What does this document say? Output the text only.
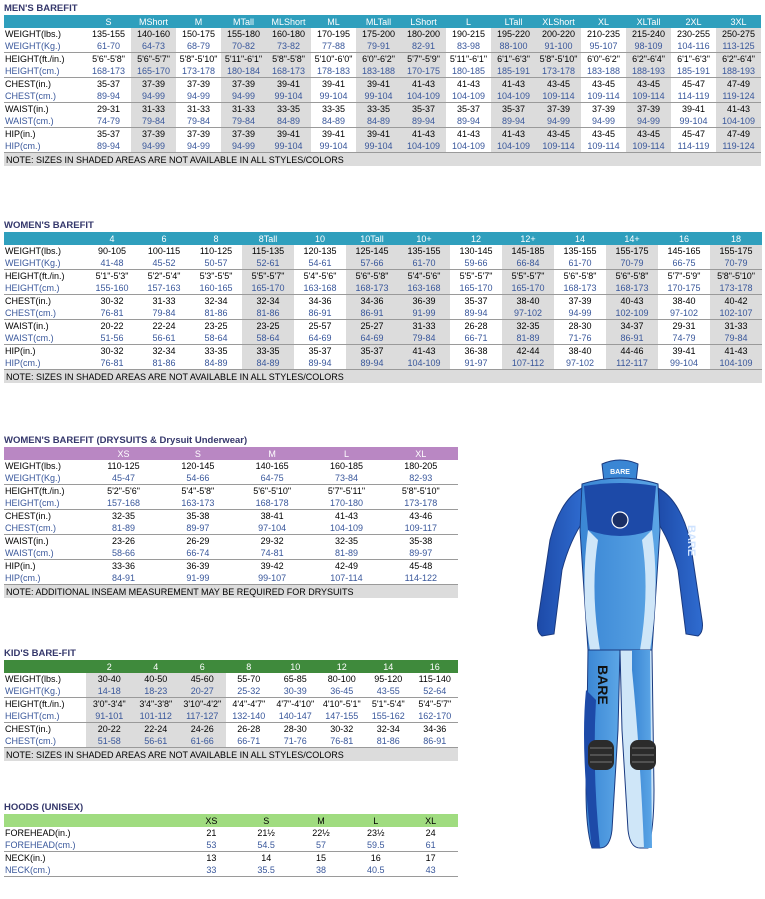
MEN'S BAREFIT
	S	MShort	M	MTall	MLShort	ML	MLTall	LShort	L	LTall	XLShort	XL	XLTall	2XL	3XL
WEIGHT(lbs.)	135-155	140-160	150-175	155-180	160-180	170-195	175-200	180-200	190-215	195-220	200-220	210-235	215-240	230-255	250-275
WEIGHT(Kg.)	61-70	64-73	68-79	70-82	73-82	77-88	79-91	82-91	83-98	88-100	91-100	95-107	98-109	104-116	113-125
HEIGHT(ft./in.)	5'6"-5'8"	5'6"-5'7"	5'8"-5'10"	5'11"-6'1"	5'8"-5'8"	5'10"-6'0"	6'0"-6'2"	5'7"-5'9"	5'11"-6'1"	6'1"-6'3"	5'8"-5'10"	6'0"-6'2"	6'2"-6'4"	6'1"-6'3"	6'2"-6'4"
HEIGHT(cm.)	168-173	165-170	173-178	180-184	168-173	178-183	183-188	170-175	180-185	185-191	173-178	183-188	188-193	185-191	188-193
CHEST(in.)	35-37	37-39	37-39	37-39	39-41	39-41	39-41	41-43	41-43	41-43	43-45	43-45	43-45	45-47	47-49
CHEST(cm.)	89-94	94-99	94-99	94-99	99-104	99-104	99-104	104-109	104-109	104-109	109-114	109-114	109-114	114-119	119-124
WAIST(in.)	29-31	31-33	31-33	31-33	33-35	33-35	33-35	35-37	35-37	35-37	37-39	37-39	37-39	39-41	41-43
WAIST(cm.)	74-79	79-84	79-84	79-84	84-89	84-89	84-89	89-94	89-94	89-94	94-99	94-99	94-99	99-104	104-109
HIP(in.)	35-37	37-39	37-39	37-39	39-41	39-41	39-41	41-43	41-43	41-43	43-45	43-45	43-45	45-47	47-49
HIP(cm.)	89-94	94-99	94-99	94-99	99-104	99-104	99-104	104-109	104-109	104-109	109-114	109-114	109-114	114-119	119-124
NOTE: SIZES IN SHADED AREAS ARE NOT AVAILABLE IN ALL STYLES/COLORS															
WOMEN'S BAREFIT
	4	6	8	8Tall	10	10Tall	10+	12	12+	14	14+	16	18
WEIGHT(lbs.)	90-105	100-115	110-125	115-135	120-135	125-145	135-155	130-145	145-185	135-155	155-175	145-165	155-175
WEIGHT(Kg.)	41-48	45-52	50-57	52-61	54-61	57-66	61-70	59-66	66-84	61-70	70-79	66-75	70-79
HEIGHT(ft./in.)	5'1"-5'3"	5'2"-5'4"	5'3"-5'5"	5'5"-5'7"	5'4"-5'6"	5'6"-5'8"	5'4"-5'6"	5'5"-5'7"	5'5"-5'7"	5'6"-5'8"	5'6"-5'8"	5'7"-5'9"	5'8"-5'10"
HEIGHT(cm.)	155-160	157-163	160-165	165-170	163-168	168-173	163-168	165-170	165-170	168-173	168-173	170-175	173-178
CHEST(in.)	30-32	31-33	32-34	32-34	34-36	34-36	36-39	35-37	38-40	37-39	40-43	38-40	40-42
CHEST(cm.)	76-81	79-84	81-86	81-86	86-91	86-91	91-99	89-94	97-102	94-99	102-109	97-102	102-107
WAIST(in.)	20-22	22-24	23-25	23-25	25-57	25-27	31-33	26-28	32-35	28-30	34-37	29-31	31-33
WAIST(cm.)	51-56	56-61	58-64	58-64	64-69	64-69	79-84	66-71	81-89	71-76	86-91	74-79	79-84
HIP(in.)	30-32	32-34	33-35	33-35	35-37	35-37	41-43	36-38	42-44	38-40	44-46	39-41	41-43
HIP(cm.)	76-81	81-86	84-89	84-89	89-94	89-94	104-109	91-97	107-112	97-102	112-117	99-104	104-109
NOTE: SIZES IN SHADED AREAS ARE NOT AVAILABLE IN ALL STYLES/COLORS													
WOMEN'S BAREFIT (DRYSUITS & Drysuit Underwear)
	XS	S	M	L	XL
WEIGHT(lbs.)	110-125	120-145	140-165	160-185	180-205
WEIGHT(Kg.)	45-47	54-66	64-75	73-84	82-93
HEIGHT(ft./in.)	5'2"-5'6"	5'4"-5'8"	5'6"-5'10"	5'7"-5'11"	5'8"-5'10"
HEIGHT(cm.)	157-168	163-173	168-178	170-180	173-178
CHEST(in.)	32-35	35-38	38-41	41-43	43-46
CHEST(cm.)	81-89	89-97	97-104	104-109	109-117
WAIST(in.)	23-26	26-29	29-32	32-35	35-38
WAIST(cm.)	58-66	66-74	74-81	81-89	89-97
HIP(in.)	33-36	36-39	39-42	42-49	45-48
HIP(cm.)	84-91	91-99	99-107	107-114	114-122
NOTE: ADDITIONAL INSEAM MEASUREMENT MAY BE REQUIRED FOR DRYSUITS					
KID'S BARE-FIT
	2	4	6	8	10	12	14	16
WEIGHT(lbs.)	30-40	40-50	45-60	55-70	65-85	80-100	95-120	115-140
WEIGHT(Kg.)	14-18	18-23	20-27	25-32	30-39	36-45	43-55	52-64
HEIGHT(ft./in.)	3'0"-3'4"	3'4"-3'8"	3'10"-4'2"	4'4"-4'7"	4'7"-4'10"	4'10"-5'1"	5'1"-5'4"	5'4"-5'7"
HEIGHT(cm.)	91-101	101-112	117-127	132-140	140-147	147-155	155-162	162-170
CHEST(in.)	20-22	22-24	24-26	26-28	28-30	30-32	32-34	34-36
CHEST(cm.)	51-58	56-61	61-66	66-71	71-76	76-81	81-86	86-91
NOTE: SIZES IN SHADED AREAS ARE NOT AVAILABLE IN ALL STYLES/COLORS								
HOODS (UNISEX)
	XS	S	M	L	XL
FOREHEAD(in.)	21	21½	22½	23½	24
FOREHEAD(cm.)	53	54.5	57	59.5	61
NECK(in.)	13	14	15	16	17
NECK(cm.)	33	35.5	38	40.5	43
BARE
BARE
BARE
